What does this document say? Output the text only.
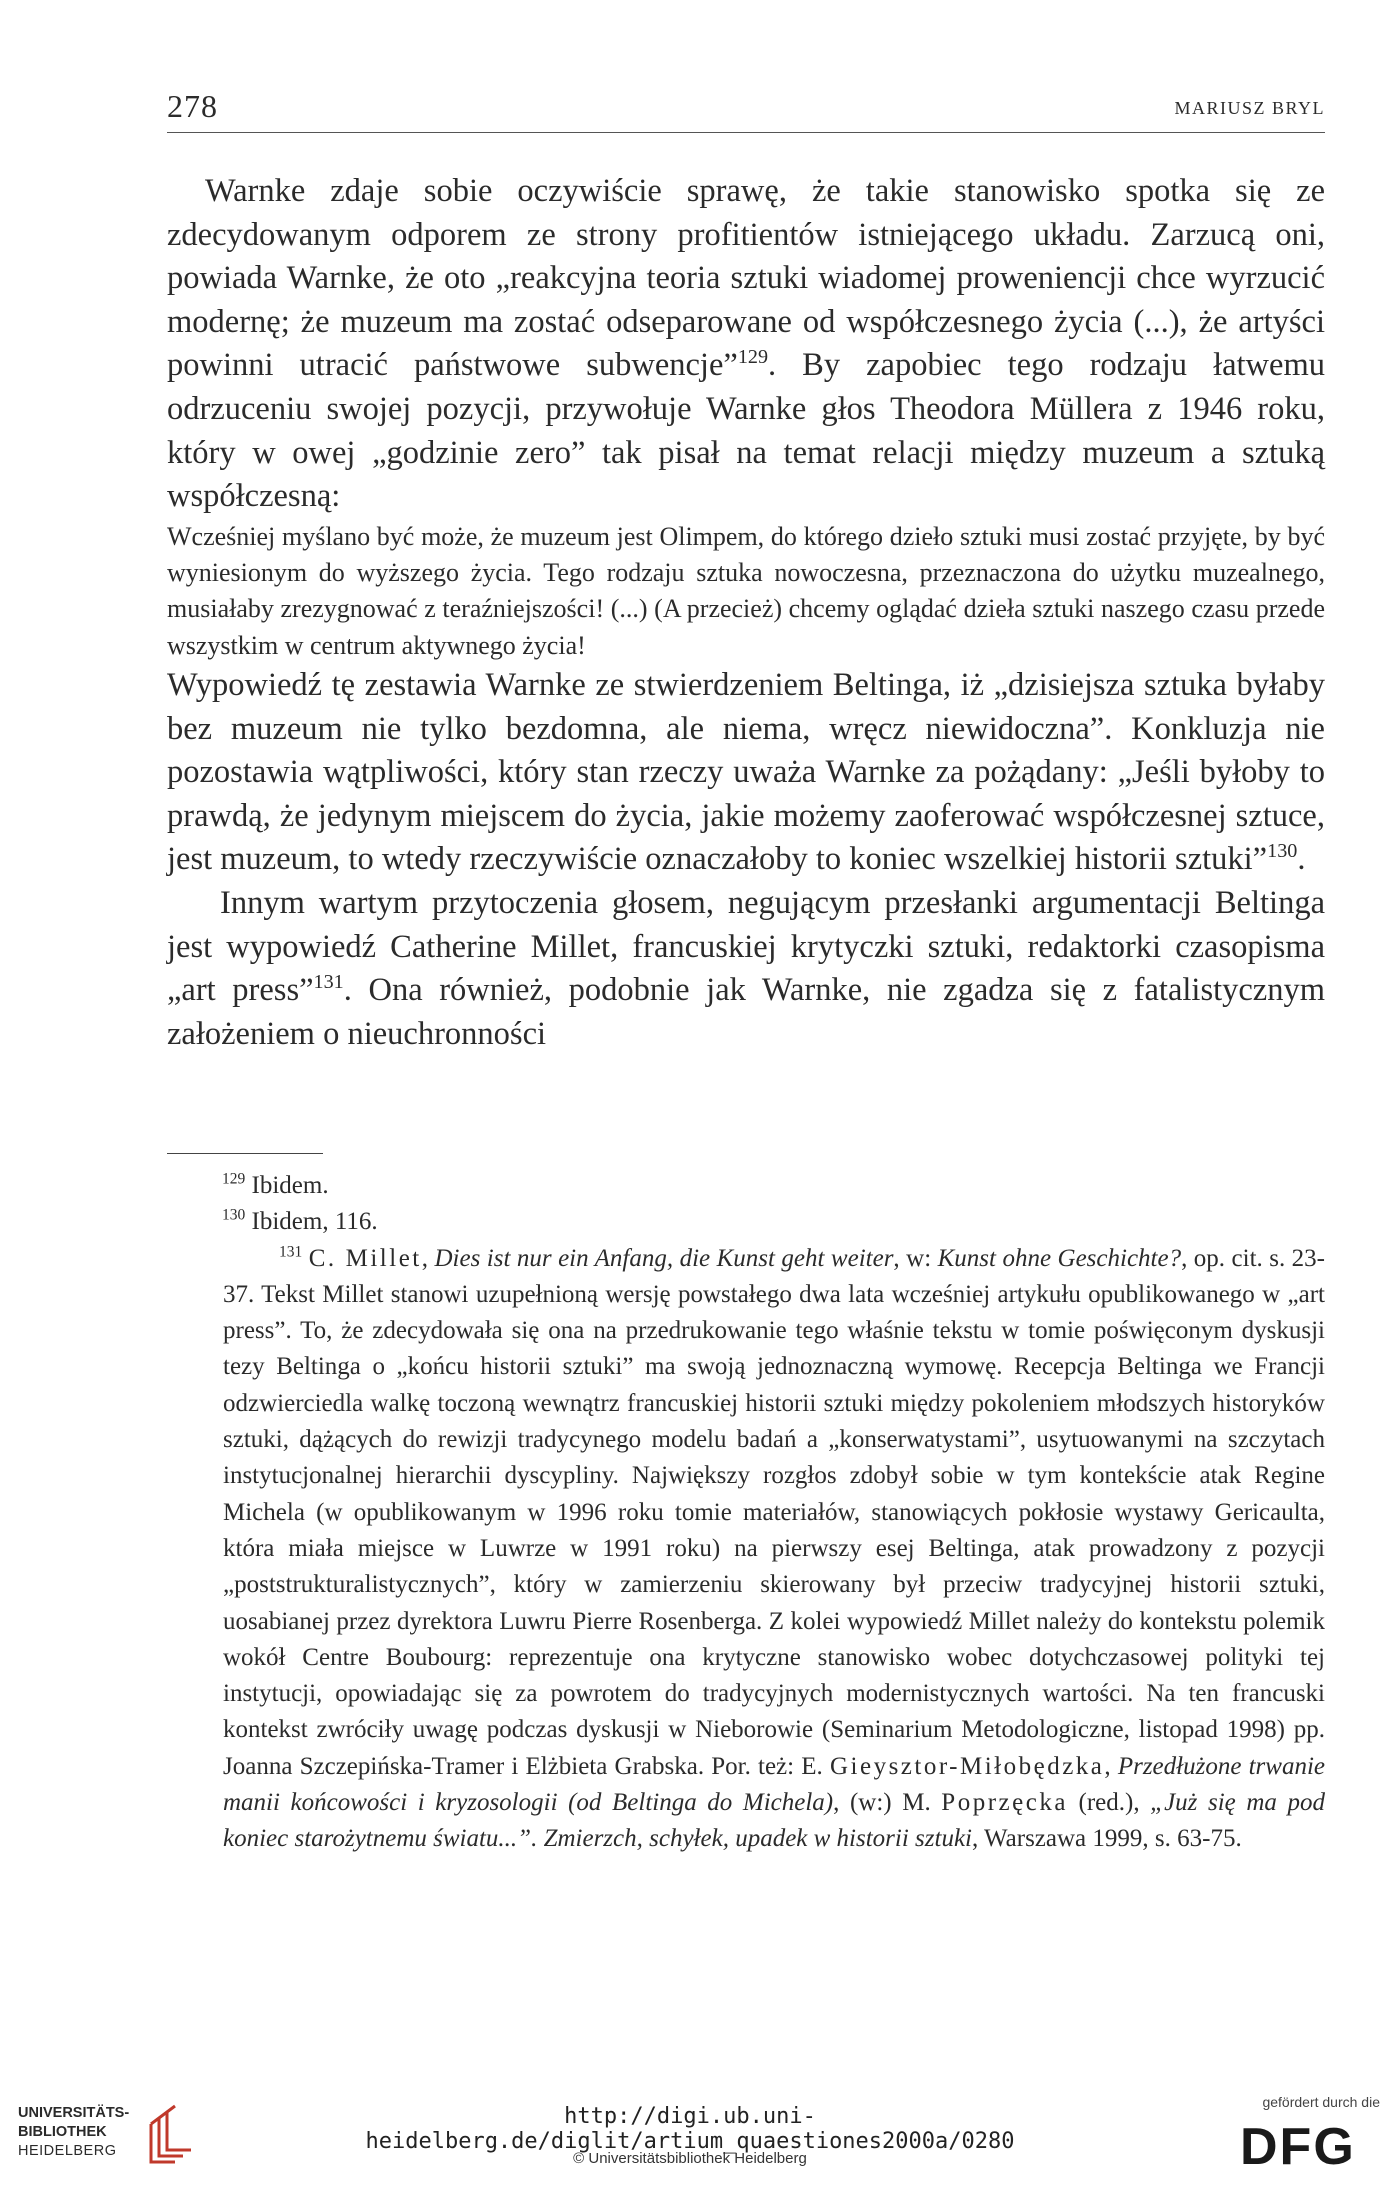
278	MARIUSZ BRYL

Warnke zdaje sobie oczywiście sprawę, że takie stanowisko spotka się ze zdecydowanym odporem ze strony profitientów istniejącego układu. Zarzucą oni, powiada Warnke, że oto „reakcyjna teoria sztuki wiadomej proweniencji chce wyrzucić modernę; że muzeum ma zostać odseparowane od współczesnego życia (...), że artyści powinni utracić państwowe subwencje”$^{129}$. By zapobiec tego rodzaju łatwemu odrzuceniu swojej pozycji, przywołuje Warnke głos Theodora Müllera z 1946 roku, który w owej „godzinie zero” tak pisał na temat relacji między muzeum a sztuką współczesną:

Wcześniej myślano być może, że muzeum jest Olimpem, do którego dzieło sztuki musi zostać przyjęte, by być wyniesionym do wyższego życia. Tego rodzaju sztuka nowoczesna, przeznaczona do użytku muzealnego, musiałaby zrezygnować z teraźniejszości! (...) (A przecież) chcemy oglądać dzieła sztuki naszego czasu przede wszystkim w centrum aktywnego życia!

Wypowiedź tę zestawia Warnke ze stwierdzeniem Beltinga, iż „dzisiejsza sztuka byłaby bez muzeum nie tylko bezdomna, ale niema, wręcz niewidoczna”. Konkluzja nie pozostawia wątpliwości, który stan rzeczy uważa Warnke za pożądany: „Jeśli byłoby to prawdą, że jedynym miejscem do życia, jakie możemy zaoferować współczesnej sztuce, jest muzeum, to wtedy rzeczywiście oznaczałoby to koniec wszelkiej historii sztuki”$^{130}$.

Innym wartym przytoczenia głosem, negującym przesłanki argumentacji Beltinga jest wypowiedź Catherine Millet, francuskiej krytyczki sztuki, redaktorki czasopisma „art press”$^{131}$. Ona również, podobnie jak Warnke, nie zgadza się z fatalistycznym założeniem o nieuchronności

$^{129}$ Ibidem.

$^{130}$ Ibidem, 116.

$^{131}$ C. Millet, Dies ist nur ein Anfang, die Kunst geht weiter, w: Kunst ohne Geschichte?, op. cit. s. 23-37. Tekst Millet stanowi uzupełnioną wersję powstałego dwa lata wcześniej artykułu opublikowanego w „art press”. To, że zdecydowała się ona na przedrukowanie tego właśnie tekstu w tomie poświęconym dyskusji tezy Beltinga o „końcu historii sztuki” ma swoją jednoznaczną wymowę. Recepcja Beltinga we Francji odzwierciedla walkę toczoną wewnątrz francuskiej historii sztuki między pokoleniem młodszych historyków sztuki, dążących do rewizji tradycynego modelu badań a „konserwatystami”, usytuowanymi na szczytach instytucjonalnej hierarchii dyscypliny. Największy rozgłos zdobył sobie w tym kontekście atak Regine Michela (w opublikowanym w 1996 roku tomie materiałów, stanowiących pokłosie wystawy Gericaulta, która miała miejsce w Luwrze w 1991 roku) na pierwszy esej Beltinga, atak prowadzony z pozycji „poststrukturalistycznych”, który w zamierzeniu skierowany był przeciw tradycyjnej historii sztuki, uosabianej przez dyrektora Luwru Pierre Rosenberga. Z kolei wypowiedź Millet należy do kontekstu polemik wokół Centre Boubourg: reprezentuje ona krytyczne stanowisko wobec dotychczasowej polityki tej instytucji, opowiadając się za powrotem do tradycyjnych modernistycznych wartości. Na ten francuski kontekst zwróciły uwagę podczas dyskusji w Nieborowie (Seminarium Metodologiczne, listopad 1998) pp. Joanna Szczepińska-Tramer i Elżbieta Grabska. Por. też: E. Gieysztor-Miłobędzka, Przedłużone trwanie manii końcowości i kryzosologii (od Beltinga do Michela), (w:) M. Poprzęcka (red.), „Już się ma pod koniec starożytnemu światu...”. Zmierzch, schyłek, upadek w historii sztuki, Warszawa 1999, s. 63-75.

UNIVERSITÄTS-
BIBLIOTHEK
HEIDELBERG
http://digi.ub.uni-heidelberg.de/diglit/artium_quaestiones2000a/0280
© Universitätsbibliothek Heidelberg
gefördert durch die
DFG
